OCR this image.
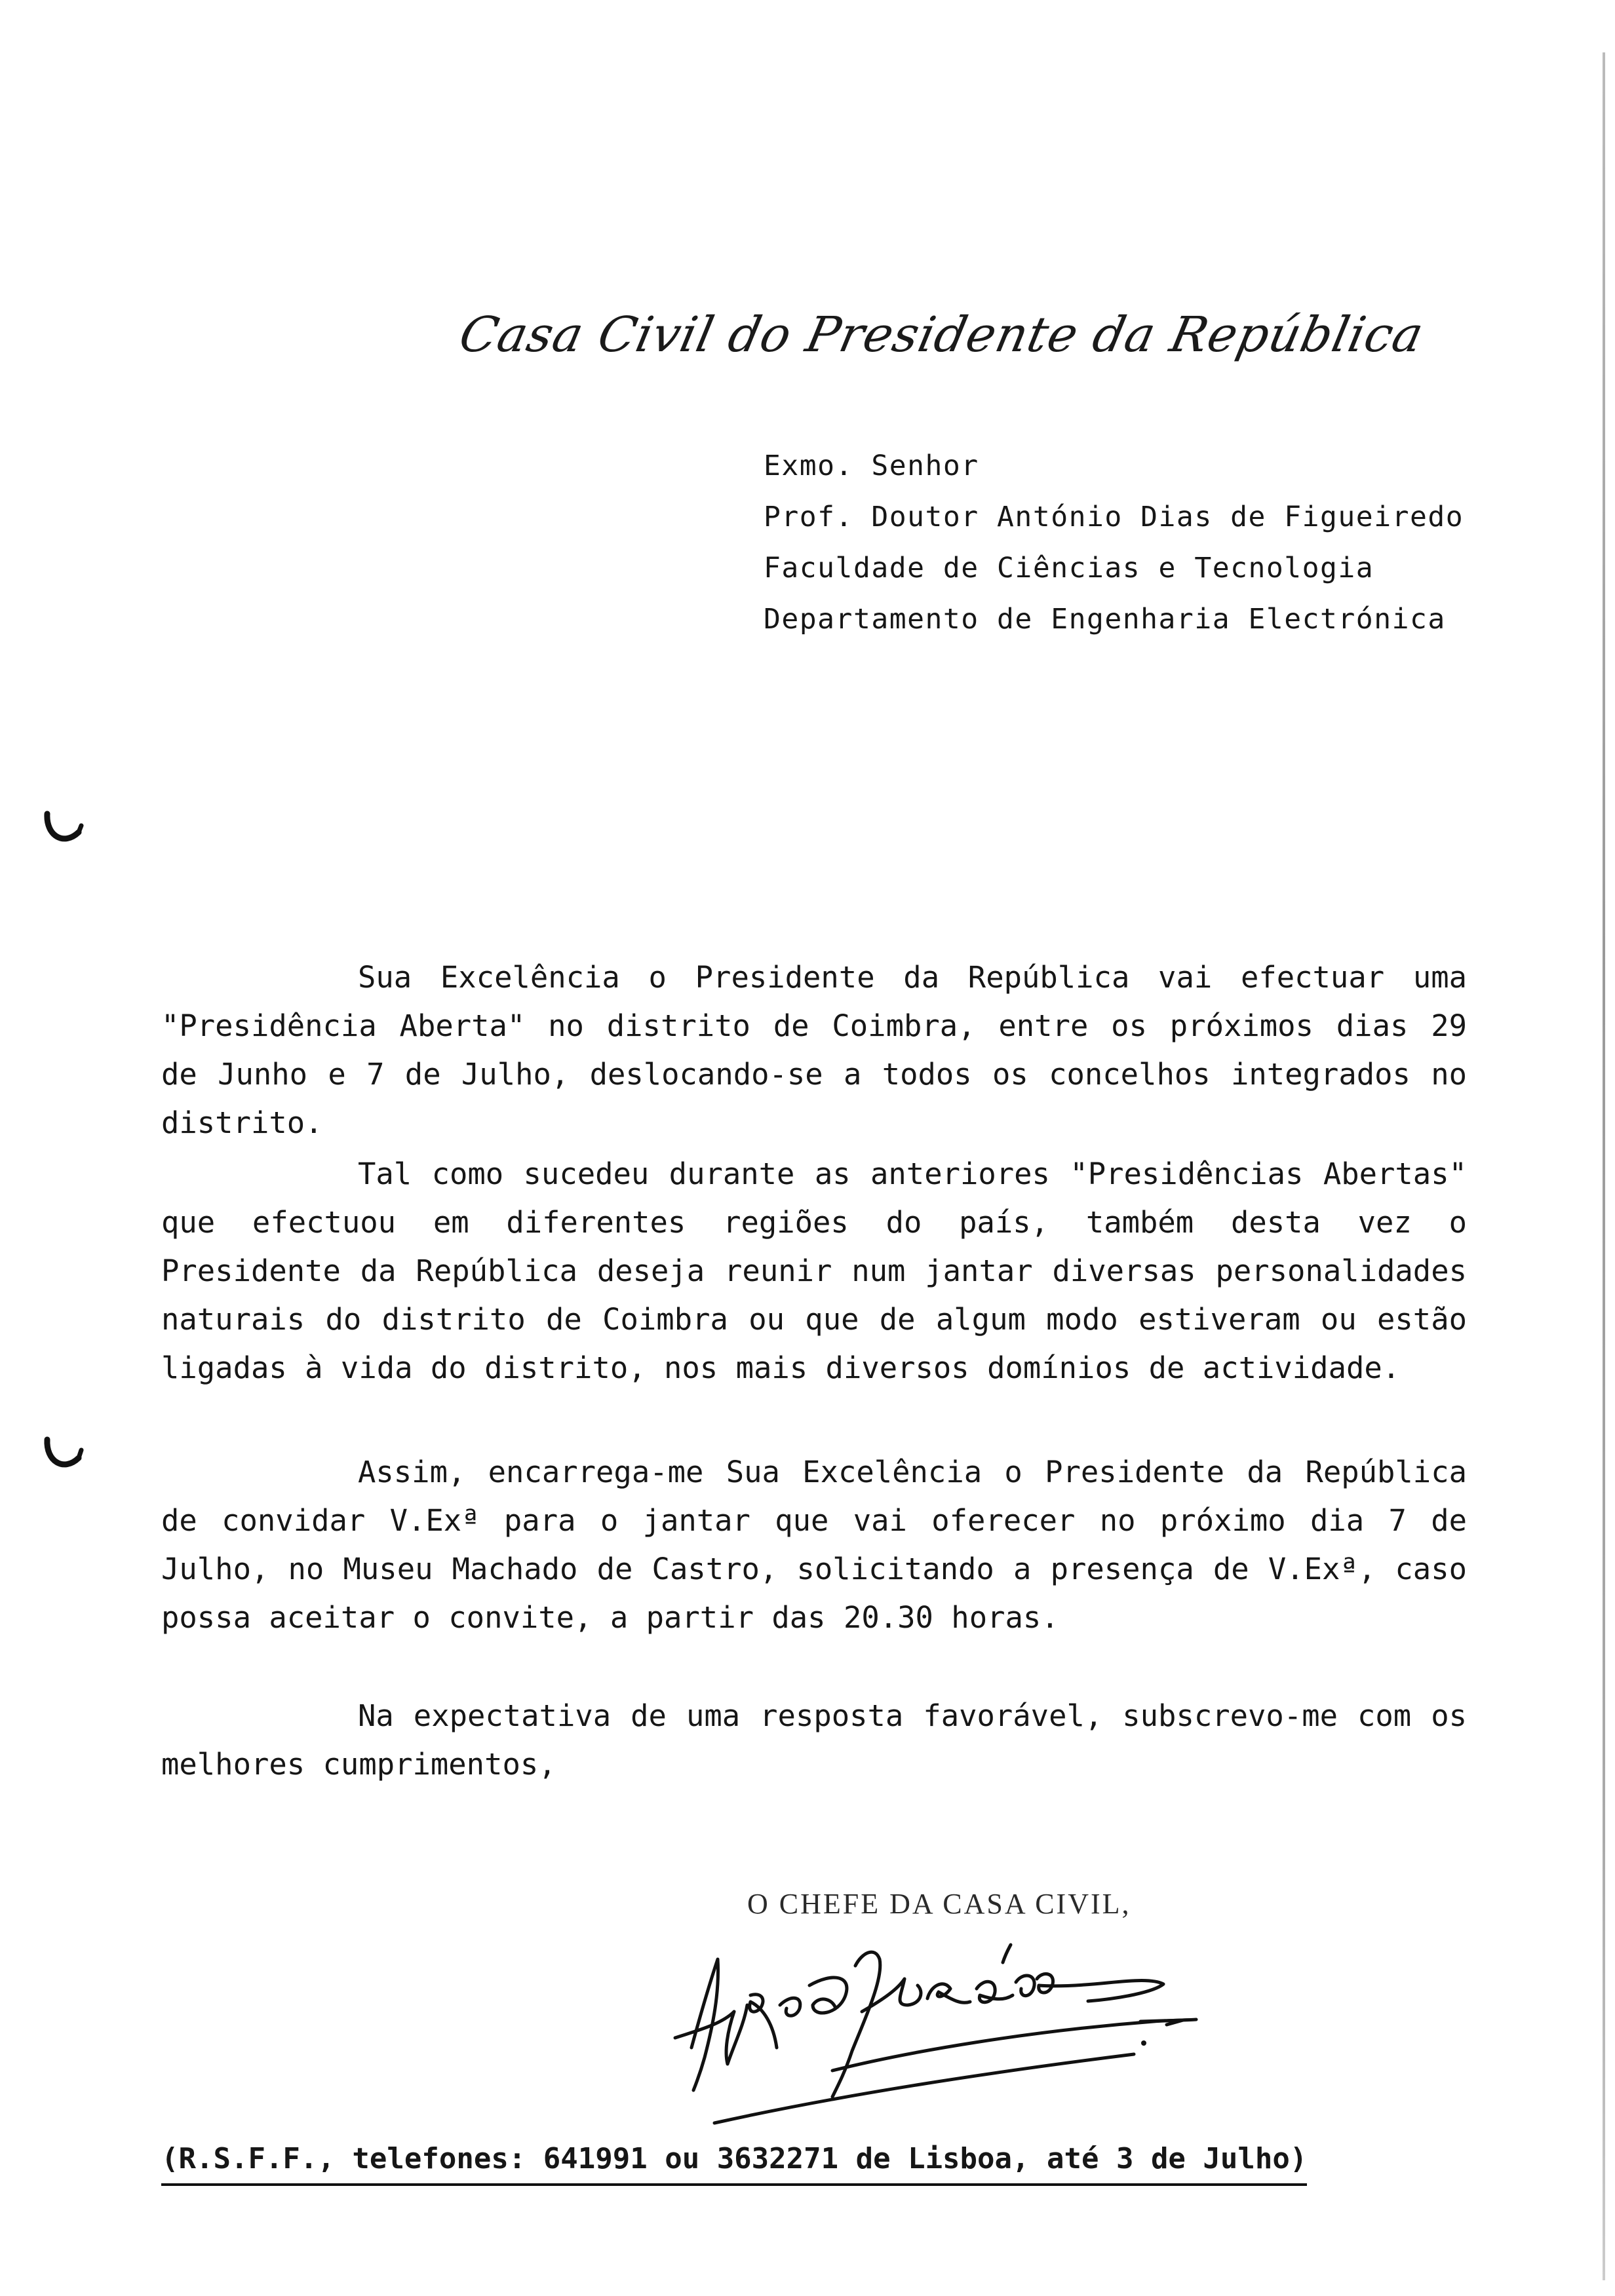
Casa Civil do Presidente da República
Exmo. Senhor
Prof. Doutor António Dias de Figueiredo
Faculdade de Ciências e Tecnologia
Departamento de Engenharia Electrónica
Sua Excelência o Presidente da República vai efectuar uma "Presidência Aberta" no distrito de Coimbra, entre os próximos dias 29 de Junho e 7 de Julho, deslocando-se a todos os concelhos integrados no distrito.
Tal como sucedeu durante as anteriores "Presidências Abertas" que efectuou em diferentes regiões do país, também desta vez o Presidente da República deseja reunir num jantar diversas personalidades naturais do distrito de Coimbra ou que de algum modo estiveram ou estão ligadas à vida do distrito, nos mais diversos domínios de actividade.
Assim, encarrega-me Sua Excelência o Presidente da República de convidar V.Exª para o jantar que vai oferecer no próximo dia 7 de Julho, no Museu Machado de Castro, solicitando a presença de V.Exª, caso possa aceitar o convite, a partir das 20.30 horas.
Na expectativa de uma resposta favorável, subscrevo-me com os melhores cumprimentos,
O CHEFE DA CASA CIVIL,
(R.S.F.F., telefones: 641991 ou 3632271 de Lisboa, até 3 de Julho)
